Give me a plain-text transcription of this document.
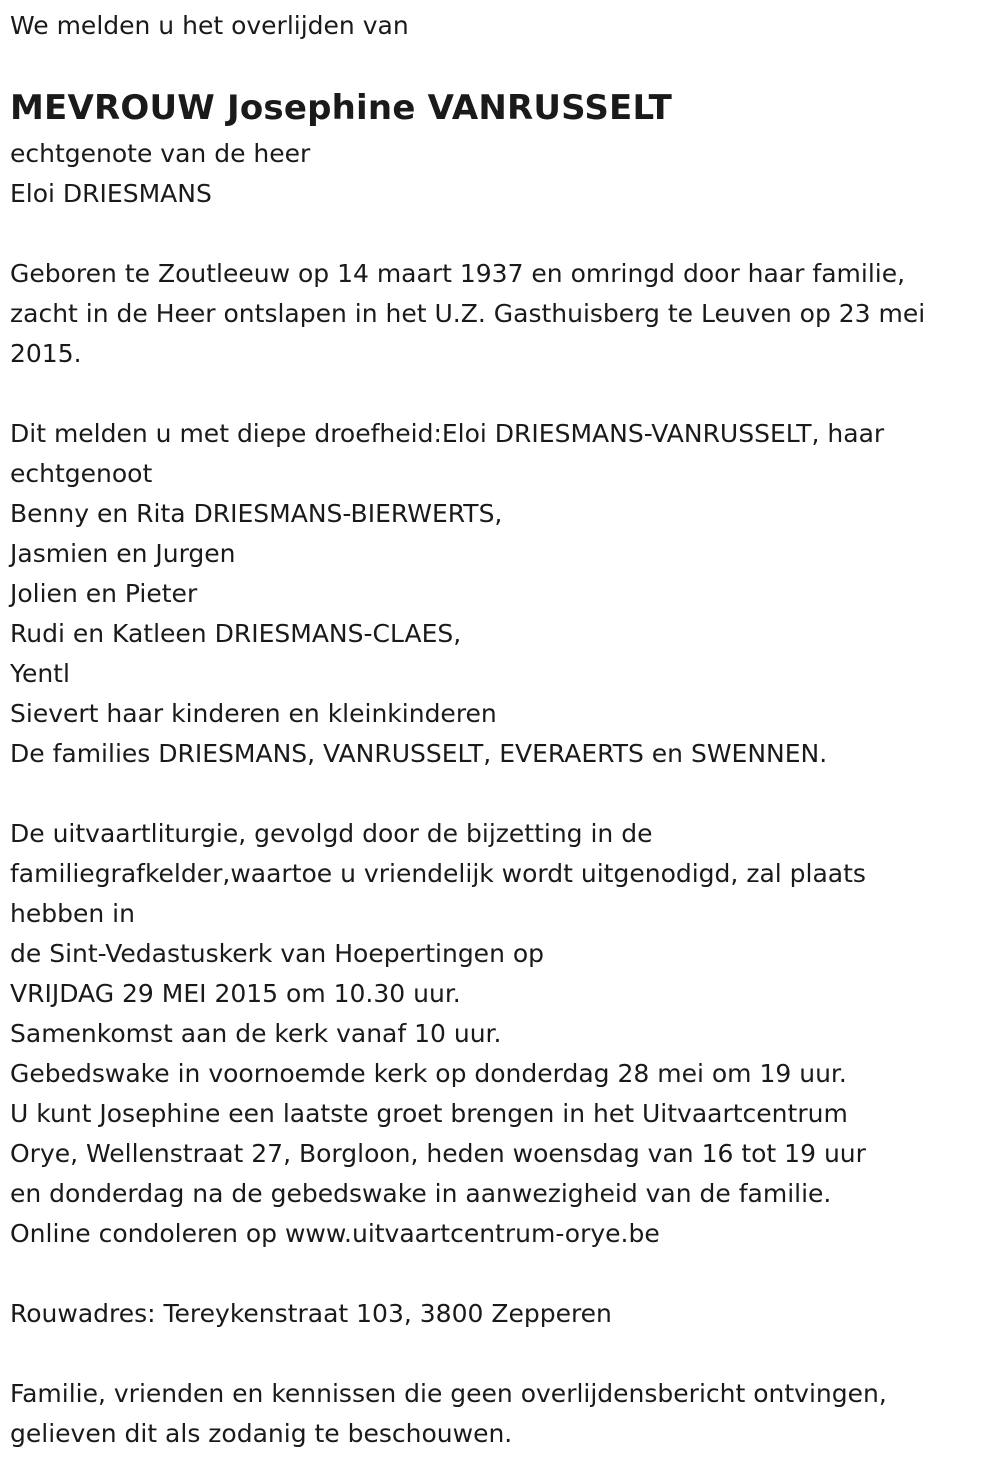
We melden u het overlijden van
MEVROUW Josephine VANRUSSELT
echtgenote van de heer
Eloi DRIESMANS
Geboren te Zoutleeuw op 14 maart 1937 en omringd door haar familie,
zacht in de Heer ontslapen in het U.Z. Gasthuisberg te Leuven op 23 mei
2015.
Dit melden u met diepe droefheid:Eloi DRIESMANS-VANRUSSELT, haar
echtgenoot
Benny en Rita DRIESMANS-BIERWERTS,
Jasmien en Jurgen
Jolien en Pieter
Rudi en Katleen DRIESMANS-CLAES,
Yentl
Sievert haar kinderen en kleinkinderen
De families DRIESMANS, VANRUSSELT, EVERAERTS en SWENNEN.
De uitvaartliturgie, gevolgd door de bijzetting in de
familiegrafkelder,waartoe u vriendelijk wordt uitgenodigd, zal plaats
hebben in
de Sint-Vedastuskerk van Hoepertingen op
VRIJDAG 29 MEI 2015 om 10.30 uur.
Samenkomst aan de kerk vanaf 10 uur.
Gebedswake in voornoemde kerk op donderdag 28 mei om 19 uur.
U kunt Josephine een laatste groet brengen in het Uitvaartcentrum
Orye, Wellenstraat 27, Borgloon, heden woensdag van 16 tot 19 uur
en donderdag na de gebedswake in aanwezigheid van de familie.
Online condoleren op www.uitvaartcentrum-orye.be
Rouwadres: Tereykenstraat 103, 3800 Zepperen
Familie, vrienden en kennissen die geen overlijdensbericht ontvingen,
gelieven dit als zodanig te beschouwen.
